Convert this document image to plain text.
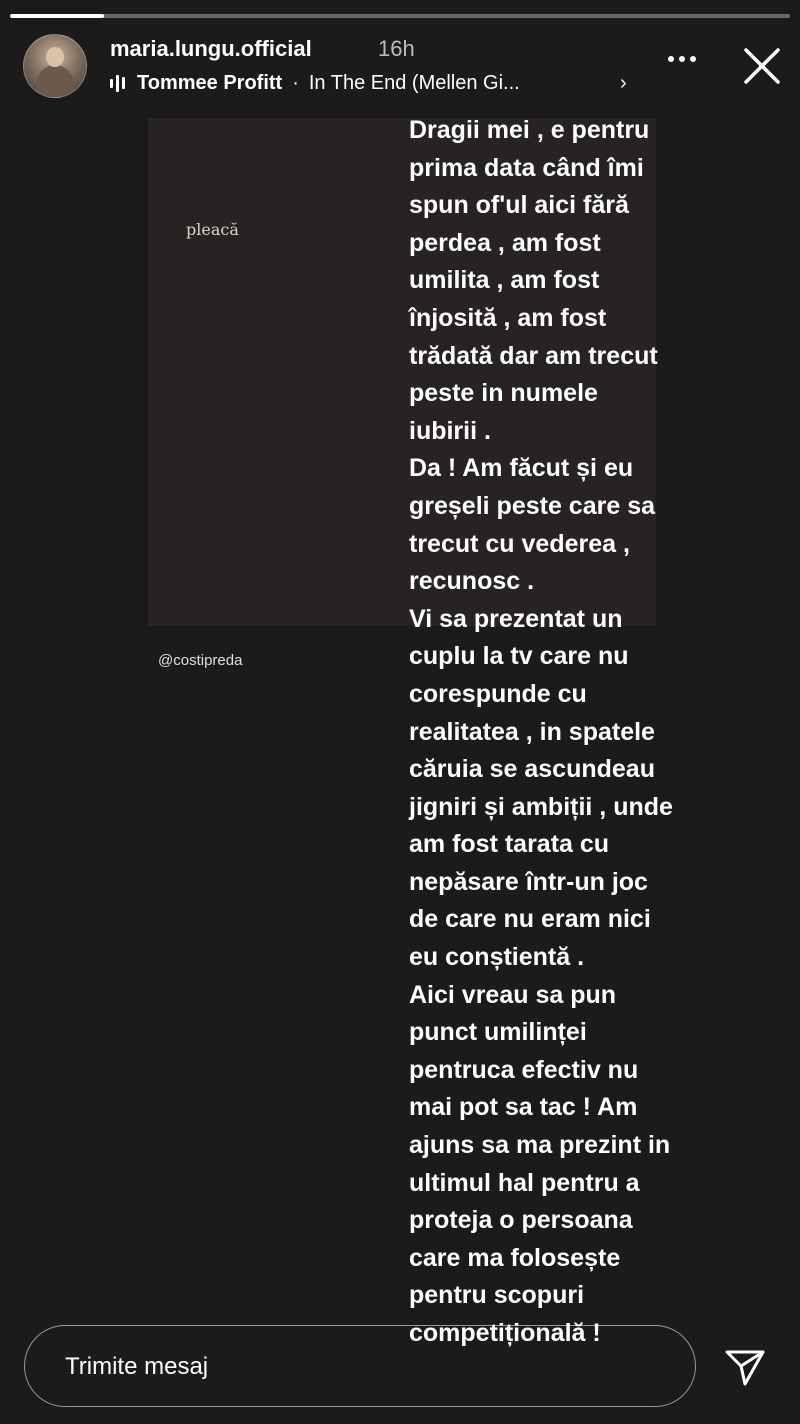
maria.lungu.official	16h
Tommee Profitt · In The End (Mellen Gi...	›
pleacă
@costipreda
Dragii mei , e pentru
prima data când îmi
spun of'ul aici fără
perdea , am fost
umilita , am fost
înjosită , am fost
trădată dar am trecut
peste in numele
iubirii .
Da ! Am făcut și eu
greșeli peste care sa
trecut cu vederea ,
recunosc .
Vi sa prezentat un
cuplu la tv care nu
corespunde cu
realitatea , in spatele
căruia se ascundeau
jigniri și ambiții , unde
am fost tarata cu
nepăsare într-un joc
de care nu eram nici
eu conștientă .
Aici vreau sa pun
punct umilinței
pentruca efectiv nu
mai pot sa tac ! Am
ajuns sa ma prezint in
ultimul hal pentru a
proteja o persoana
care ma folosește
pentru scopuri
competițională !
Trimite mesaj
